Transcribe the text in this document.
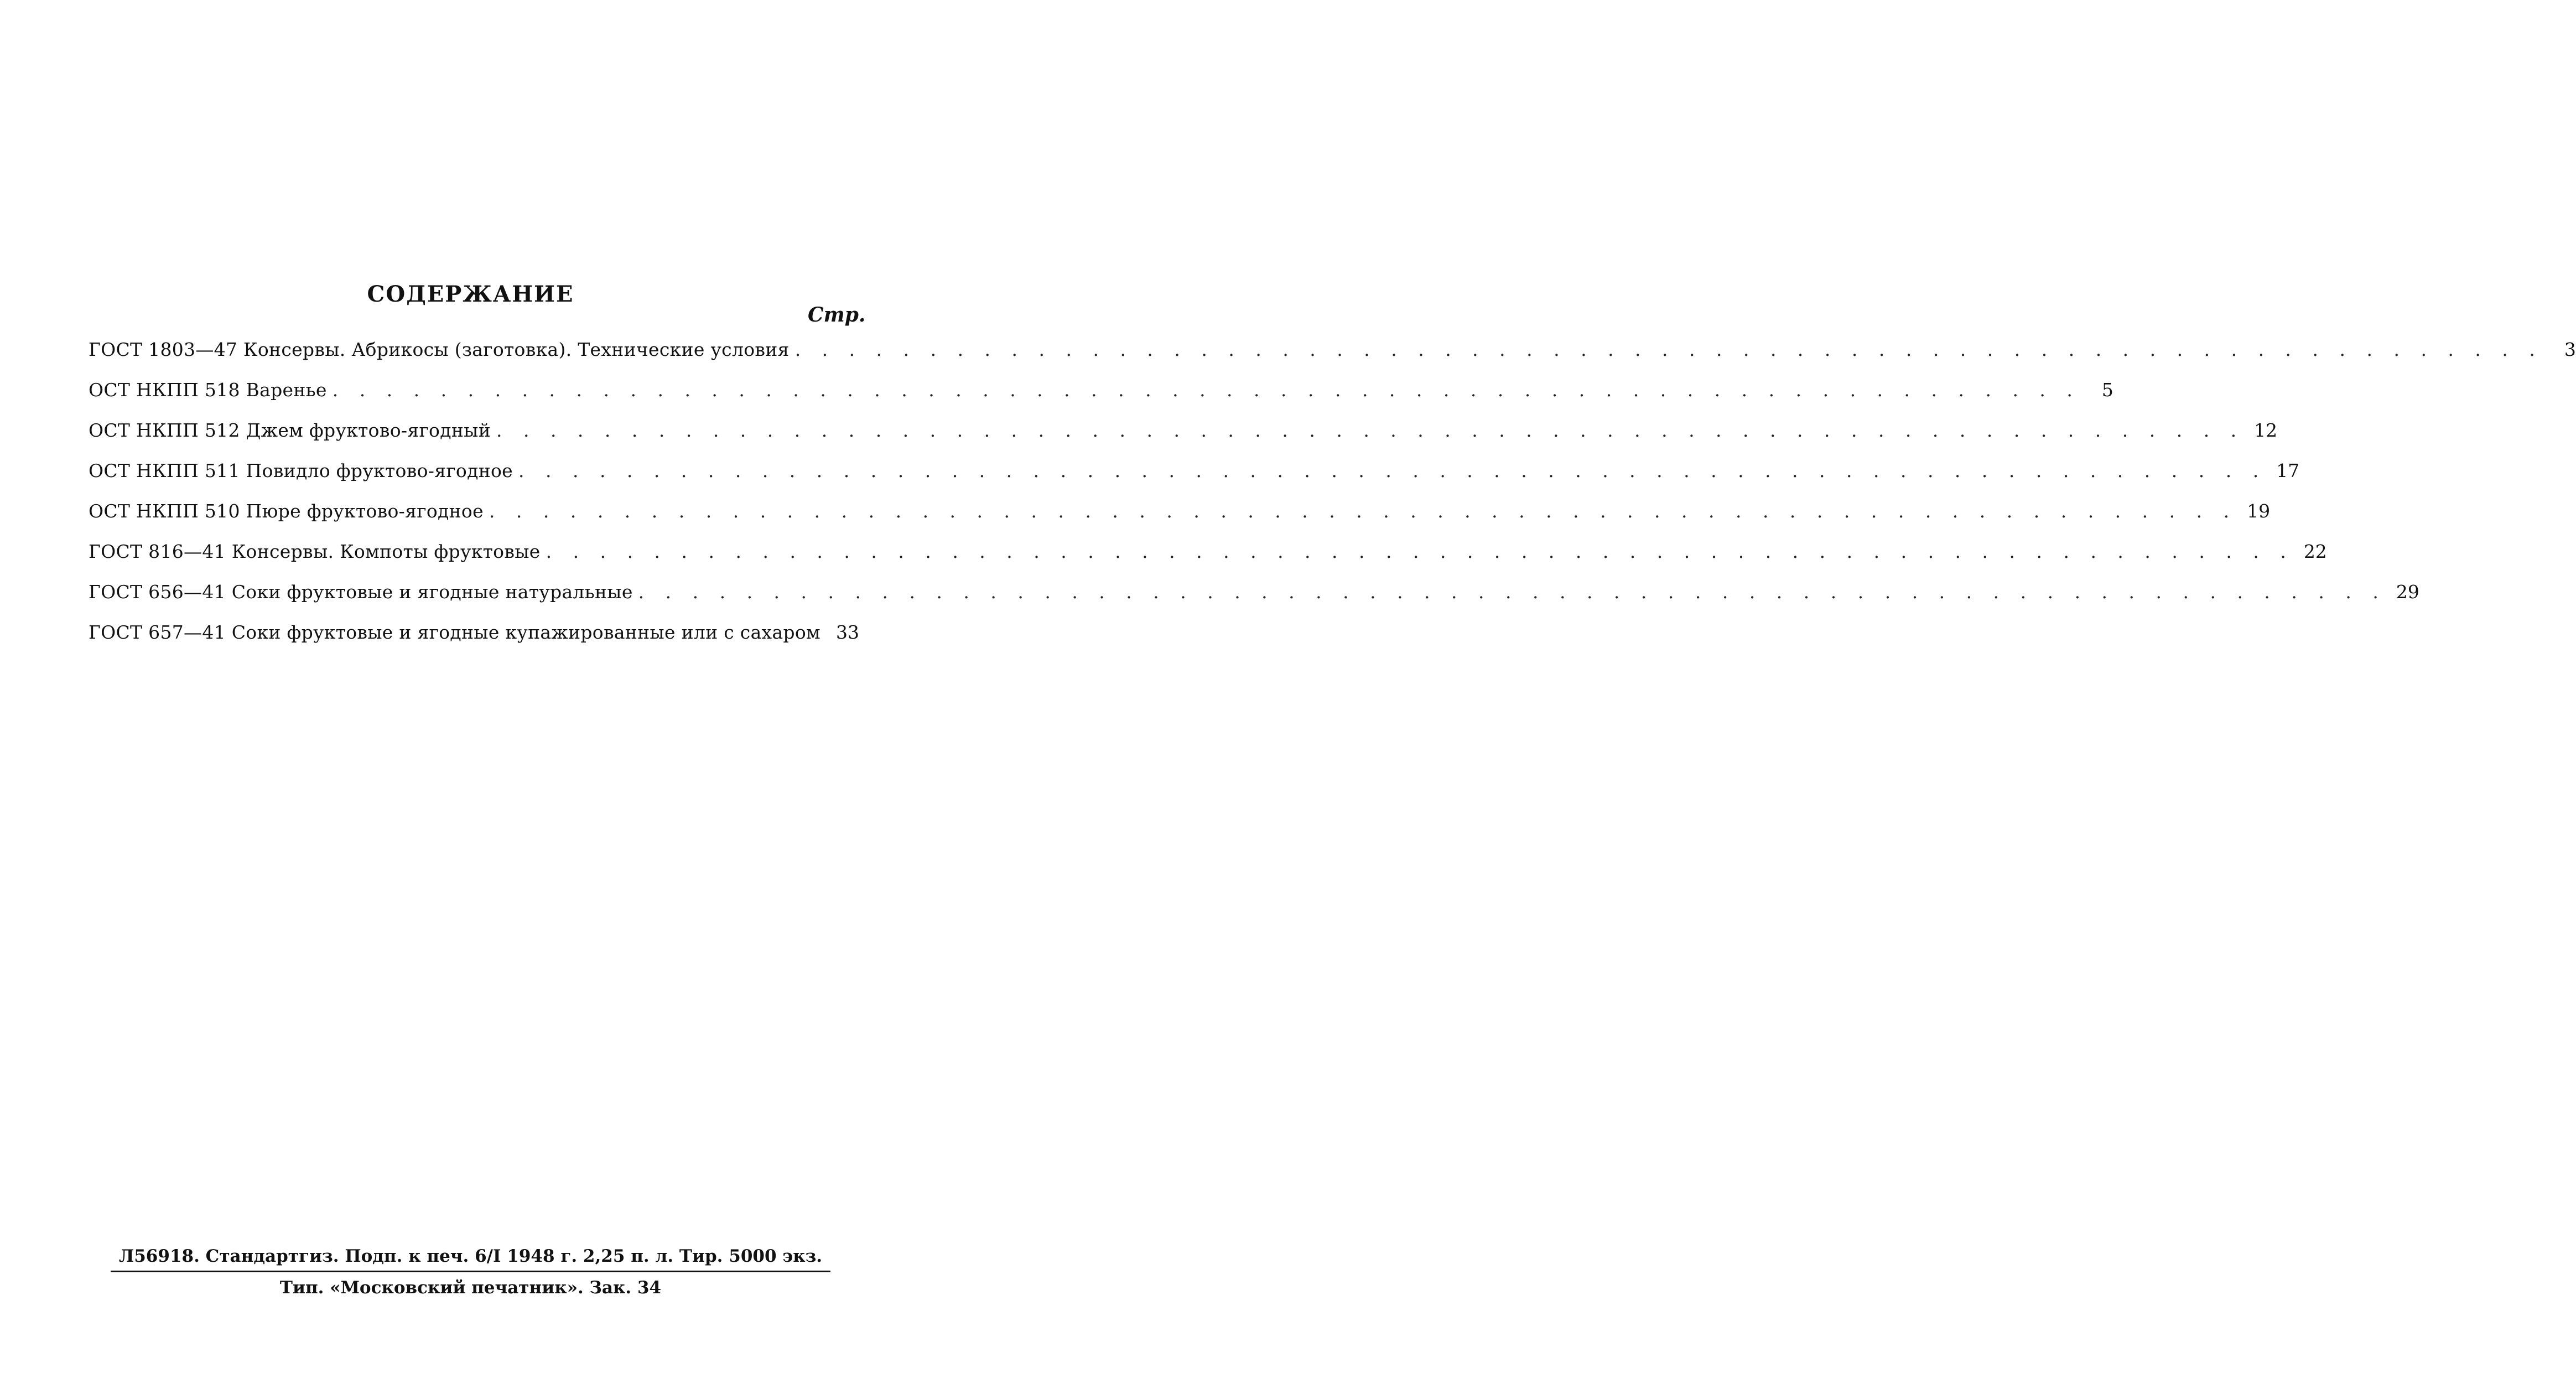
СОДЕРЖАНИЕ
Стр.
ГОСТ 1803—47 Консервы. Абрикосы (заготовка). Технические условия . . .	3
ОСТ НКПП 518 Варенье . . .	5
ОСТ НКПП 512 Джем фруктово-ягодный . . .	12
ОСТ НКПП 511 Повидло фруктово-ягодное . . .	17
ОСТ НКПП 510 Пюре фруктово-ягодное . . .	19
ГОСТ 816—41 Консервы. Компоты фруктовые . . .	22
ГОСТ 656—41 Соки фруктовые и ягодные натуральные . . .	29
ГОСТ 657—41 Соки фруктовые и ягодные купажированные или с сахаром 33
Л56918. Стандартгиз. Подп. к печ. 6/I 1948 г. 2,25 п. л. Тир. 5000 экз.
Тип. «Московский печатник». Зак. 34
